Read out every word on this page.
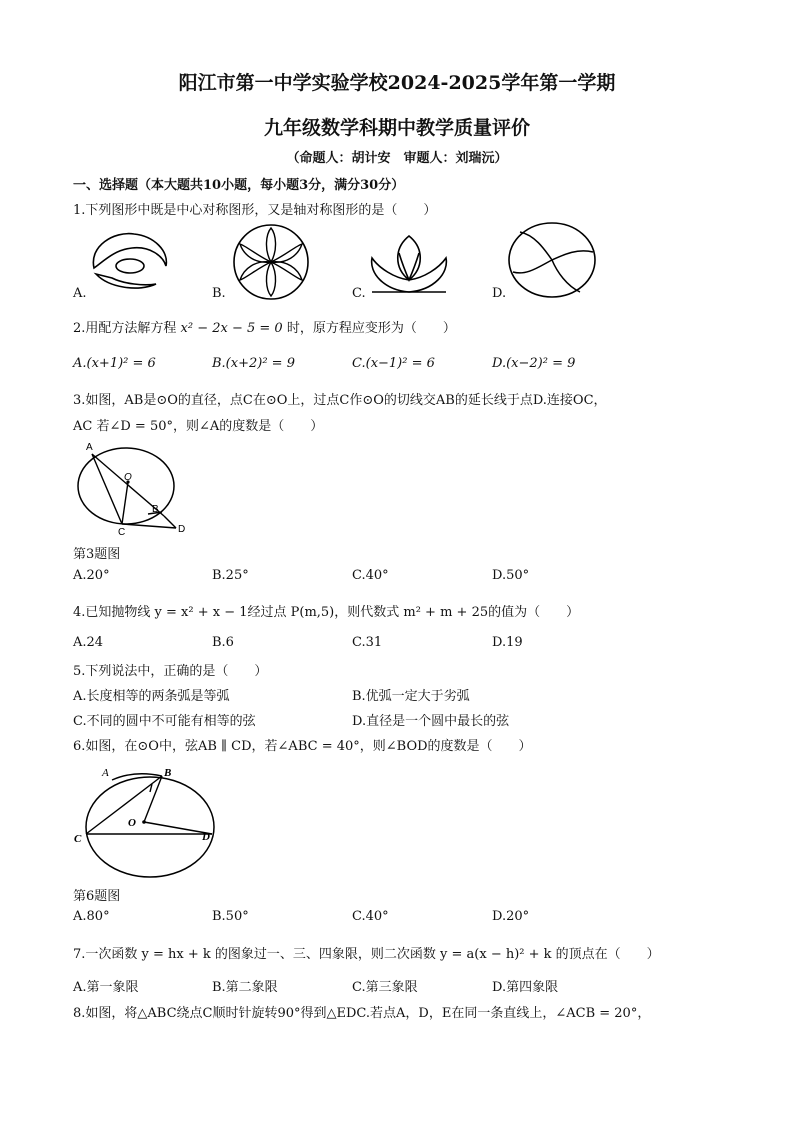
阳江市第一中学实验学校2024-2025学年第一学期
九年级数学科期中教学质量评价
（命题人：胡计安　审题人：刘瑞沅）
一、选择题（本大题共10小题，每小题3分，满分30分）
1.下列图形中既是中心对称图形，又是轴对称图形的是（　　）
A.	B.	C.	D.
2.用配方法解方程 x² − 2x − 5 = 0 时，原方程应变形为（　　）
A.(x+1)² = 6	B.(x+2)² = 9	C.(x−1)² = 6	D.(x−2)² = 9
3.如图，AB是⊙O的直径，点C在⊙O上，过点C作⊙O的切线交AB的延长线于点D.连接OC，
AC 若∠D = 50°，则∠A的度数是（　　）
A
O
B
C	D
第3题图
A.20°	B.25°	C.40°	D.50°
4.已知抛物线 y = x² + x − 1经过点 P(m,5)，则代数式 m² + m + 25的值为（　　）
A.24	B.6	C.31	D.19
5.下列说法中，正确的是（　　）
A.长度相等的两条弧是等弧	B.优弧一定大于劣弧
C.不同的圆中不可能有相等的弦	D.直径是一个圆中最长的弦
6.如图，在⊙O中，弦AB ∥ CD，若∠ABC = 40°，则∠BOD的度数是（　　）
A	B
C	D
O
第6题图
A.80°	B.50°	C.40°	D.20°
7.一次函数 y = hx + k 的图象过一、三、四象限，则二次函数 y = a(x − h)² + k 的顶点在（　　）
A.第一象限	B.第二象限	C.第三象限	D.第四象限
8.如图，将△ABC绕点C顺时针旋转90°得到△EDC.若点A，D，E在同一条直线上，∠ACB = 20°，
